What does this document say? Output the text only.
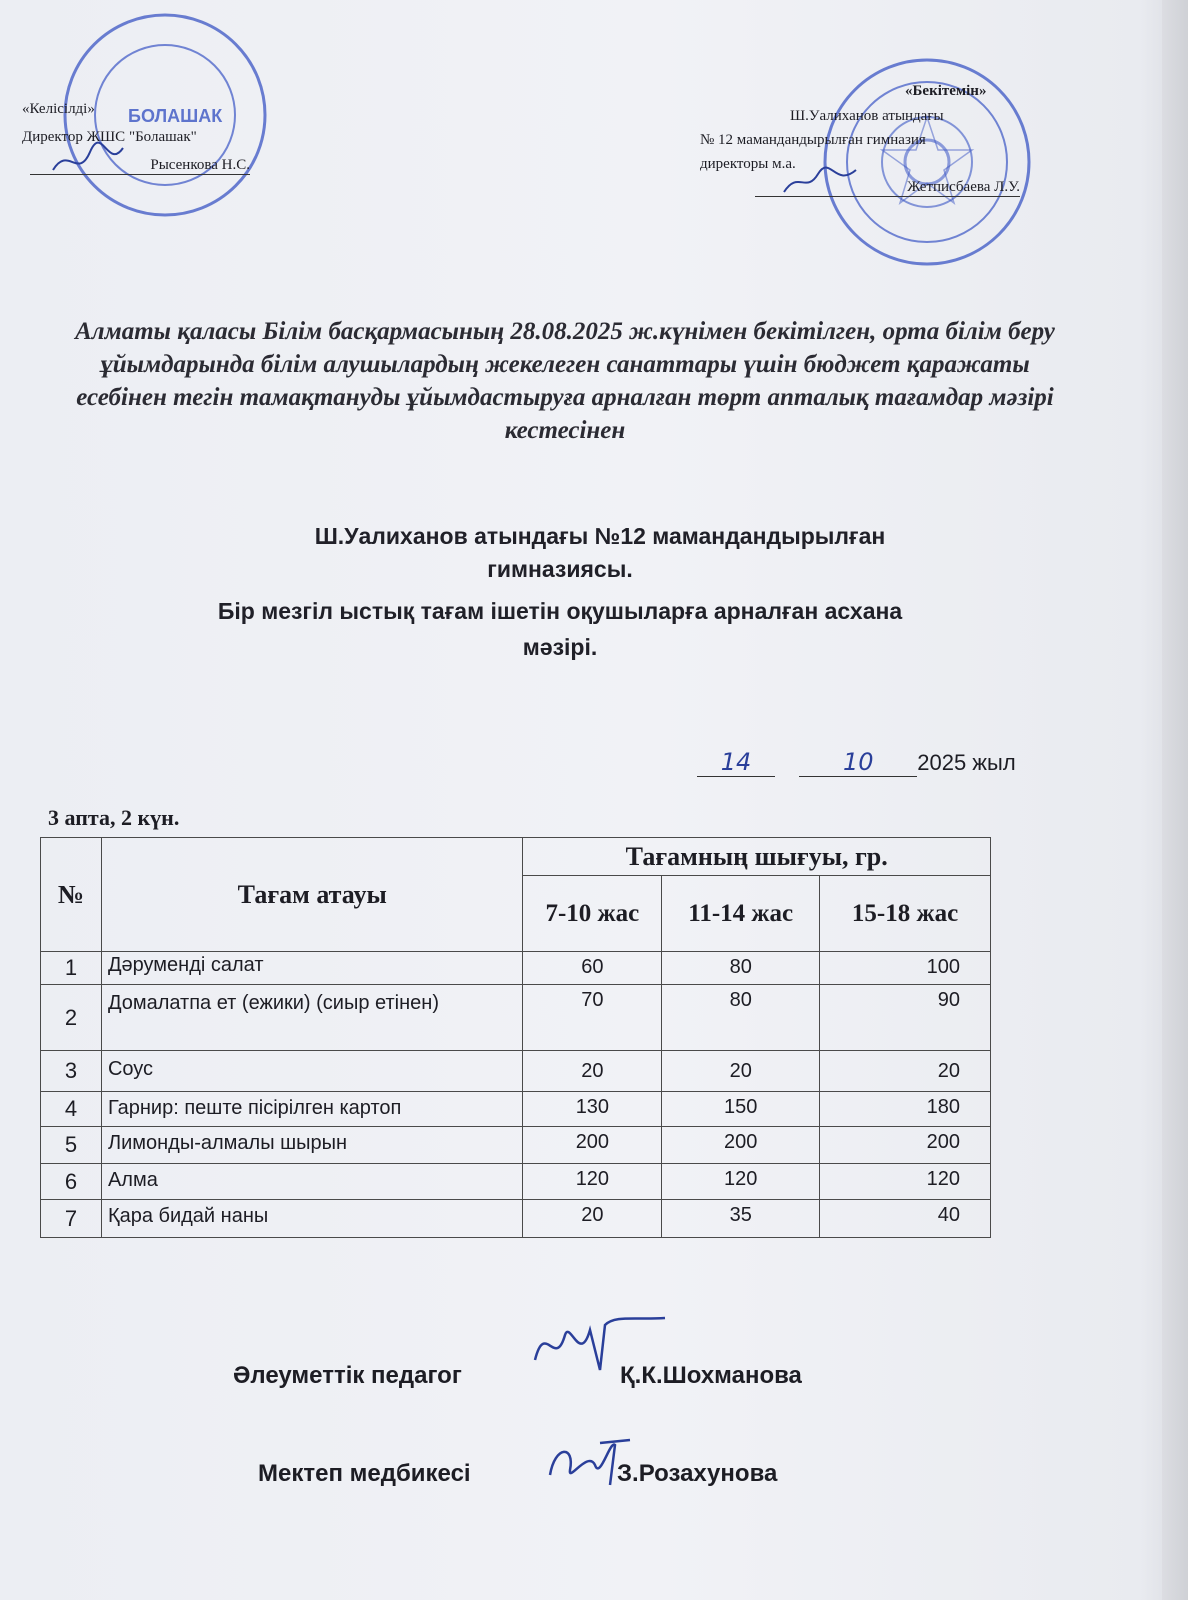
БОЛАШАК
«Келісілді»
Директор ЖШС "Болашак"
Рысенкова Н.С.
«Бекітемін»
Ш.Уалиханов атындағы
№ 12 мамандандырылған гимназия
директоры м.а.
Жетписбаева Л.У.
Алматы қаласы Білім басқармасының 28.08.2025 ж.күнімен бекітілген, орта білім беру ұйымдарында білім алушылардың жекелеген санаттары үшін бюджет қаражаты есебінен тегін тамақтануды ұйымдастыруға арналған төрт апталық тағамдар мәзірі кестесінен
Ш.Уалиханов атындағы №12 мамандандырылған
гимназиясы.
Бір мезгіл ыстық тағам ішетін оқушыларға арналған асхана
мәзірі.
14	10 2025 жыл
3 апта, 2 күн.
№	Тағам атауы	Тағамның шығуы, гр.		
		7-10 жас	11-14 жас	15-18 жас
1	Дәруменді салат	60	80	100
2	Домалатпа ет (ежики) (сиыр етінен)	70	80	90
3	Соус	20	20	20
4	Гарнир: пеште пісірілген картоп	130	150	180
5	Лимонды-алмалы шырын	200	200	200
6	Алма	120	120	120
7	Қара бидай наны	20	35	40
Әлеуметтік педагог	Қ.К.Шохманова
Мектеп медбикесі	З.Розахунова
